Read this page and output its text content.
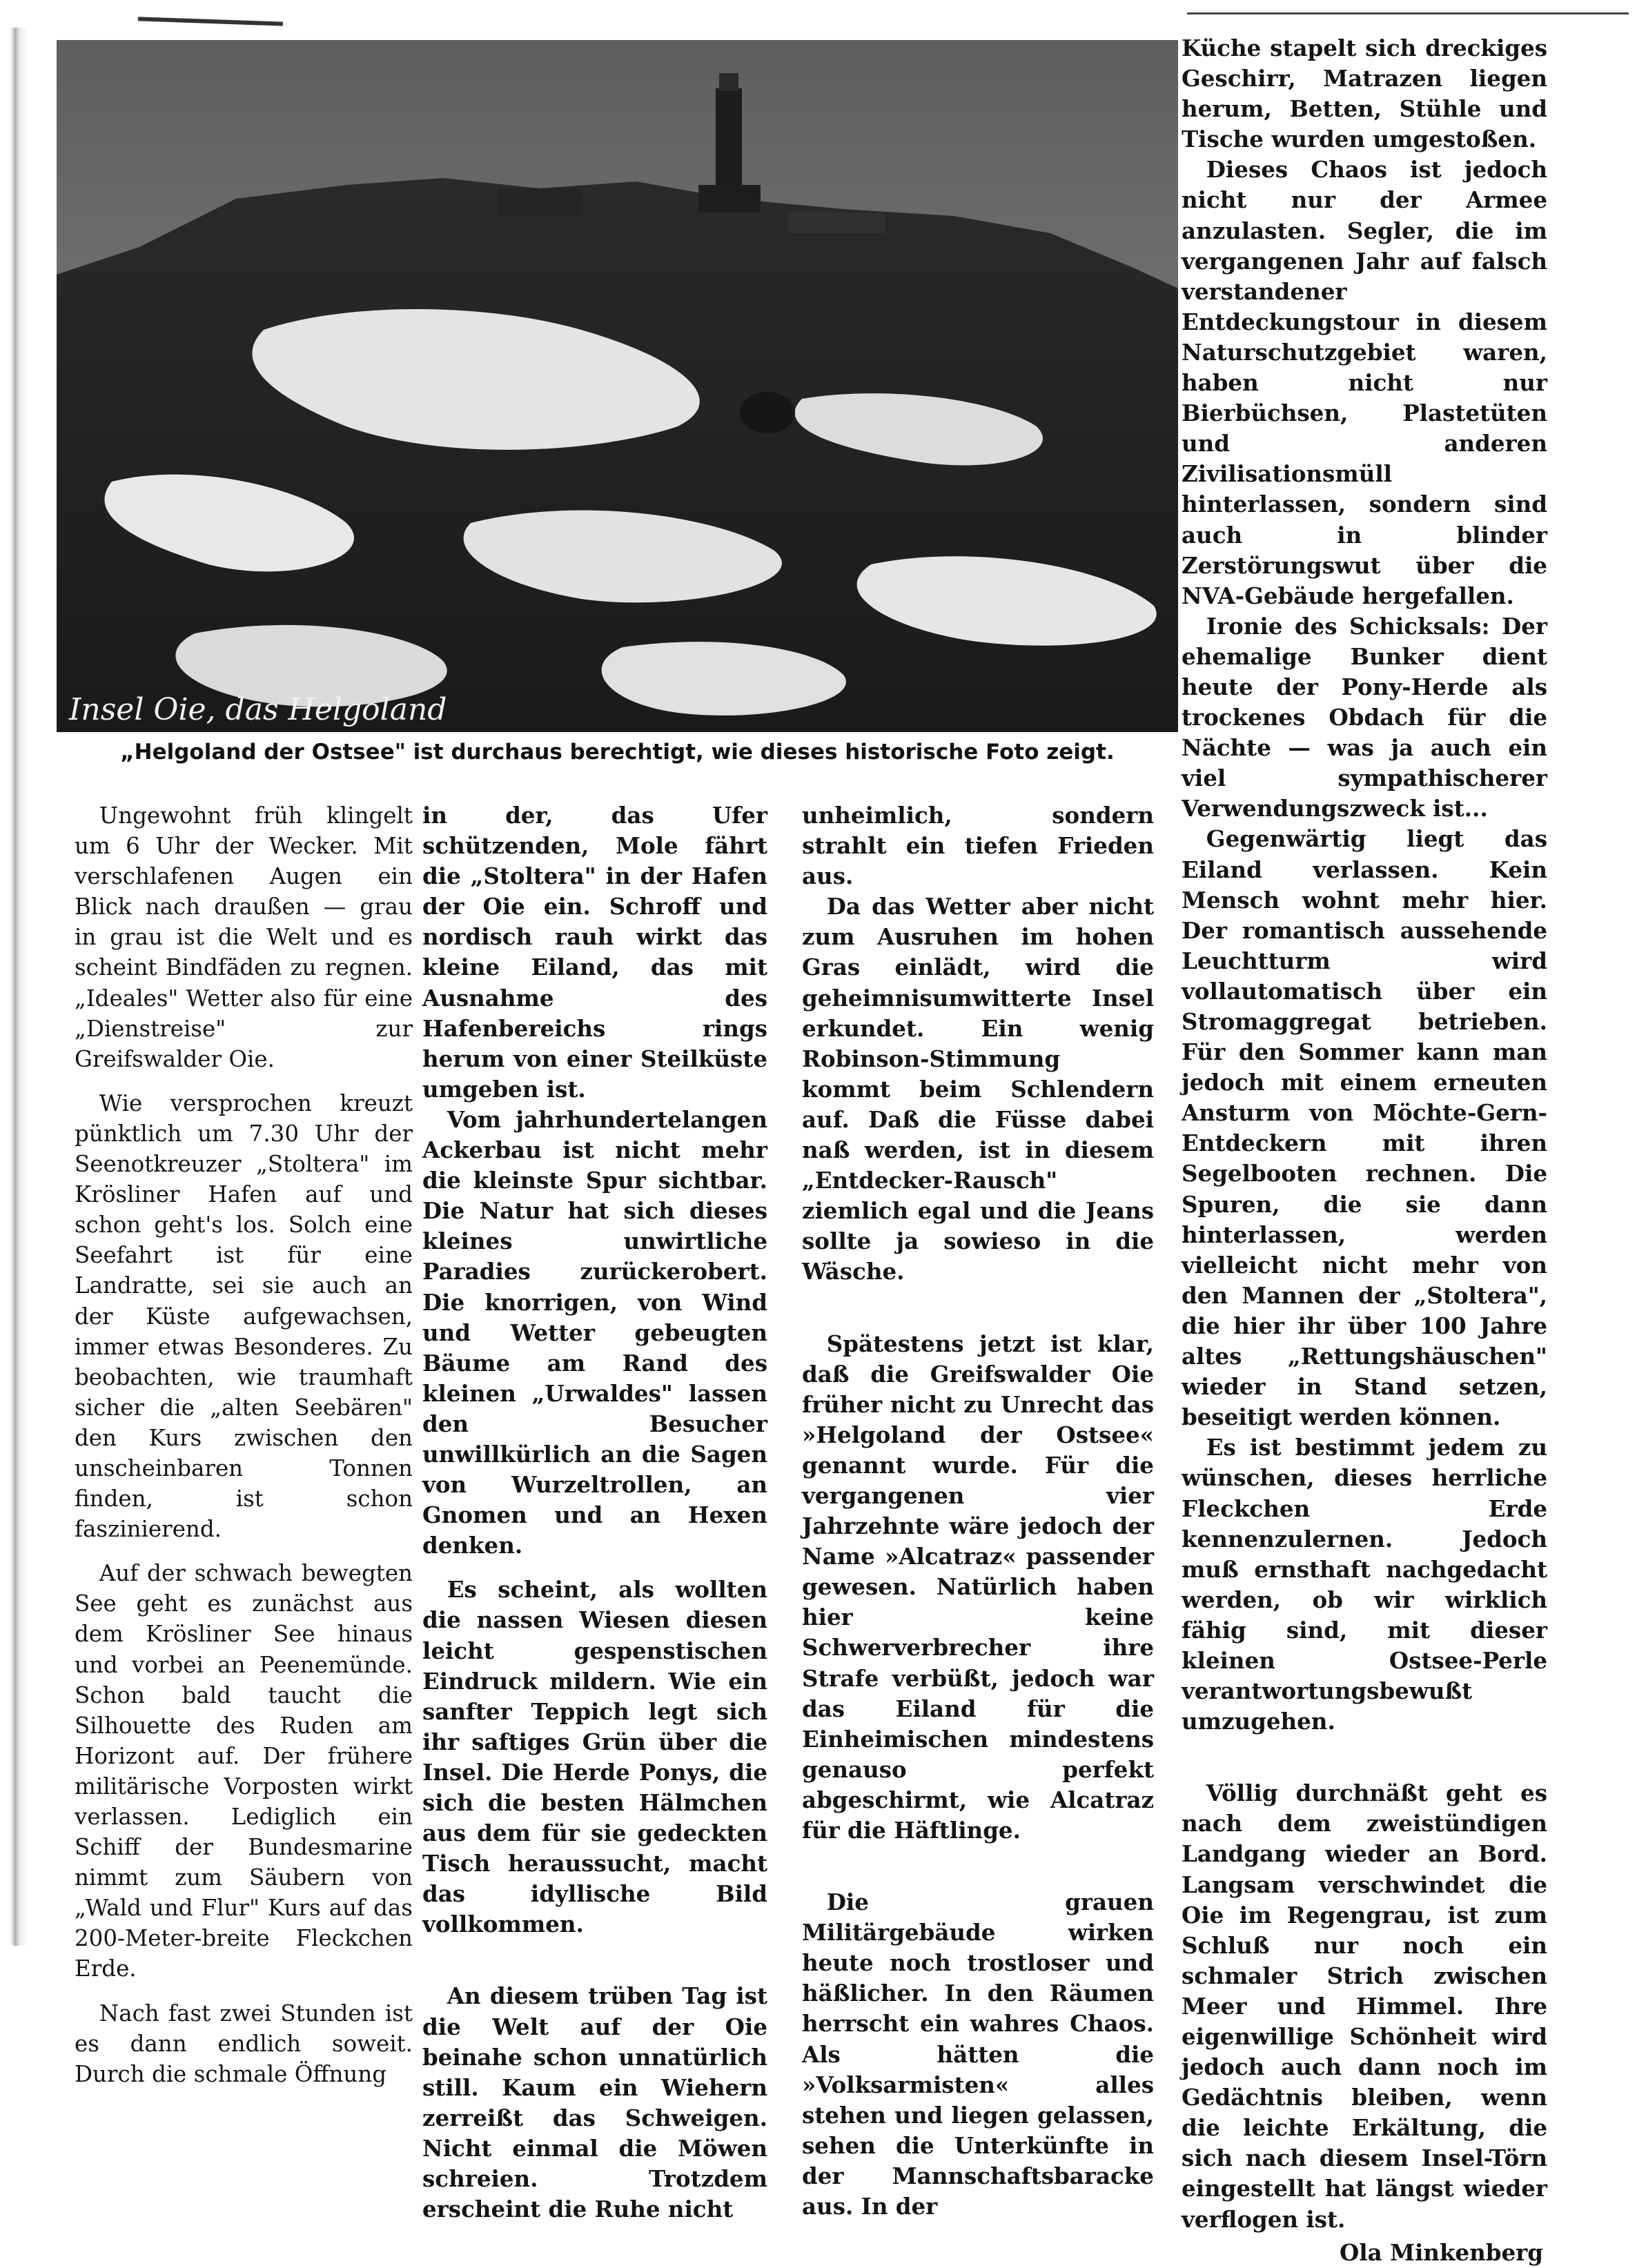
Insel Oie, das Helgoland
„Helgoland der Ostsee" ist durchaus berechtigt, wie dieses historische Foto zeigt.

Ungewohnt früh klingelt um 6 Uhr der Wecker. Mit verschlafenen Augen ein Blick nach draußen — grau in grau ist die Welt und es scheint Bindfäden zu regnen. „Ideales" Wetter also für eine „Dienstreise" zur Greifswalder Oie.

Wie versprochen kreuzt pünktlich um 7.30 Uhr der Seenotkreuzer „Stoltera" im Krösliner Hafen auf und schon geht's los. Solch eine Seefahrt ist für eine Landratte, sei sie auch an der Küste aufgewachsen, immer etwas Besonderes. Zu beobachten, wie traumhaft sicher die „alten Seebären" den Kurs zwischen den unscheinbaren Tonnen finden, ist schon faszinierend.

Auf der schwach bewegten See geht es zunächst aus dem Krösliner See hinaus und vorbei an Peenemünde. Schon bald taucht die Silhouette des Ruden am Horizont auf. Der frühere militärische Vorposten wirkt verlassen. Lediglich ein Schiff der Bundesmarine nimmt zum Säubern von „Wald und Flur" Kurs auf das 200-Meter-breite Fleckchen Erde.

Nach fast zwei Stunden ist es dann endlich soweit. Durch die schmale Öffnung

in der, das Ufer schützenden, Mole fährt die „Stoltera" in der Hafen der Oie ein. Schroff und nordisch rauh wirkt das kleine Eiland, das mit Ausnahme des Hafenbereichs rings herum von einer Steilküste umgeben ist.

Vom jahrhundertelangen Ackerbau ist nicht mehr die kleinste Spur sichtbar. Die Natur hat sich dieses kleines unwirtliche Paradies zurückerobert. Die knorrigen, von Wind und Wetter gebeugten Bäume am Rand des kleinen „Urwaldes" lassen den Besucher unwillkürlich an die Sagen von Wurzeltrollen, an Gnomen und an Hexen denken.

Es scheint, als wollten die nassen Wiesen diesen leicht gespenstischen Eindruck mildern. Wie ein sanfter Teppich legt sich ihr saftiges Grün über die Insel. Die Herde Ponys, die sich die besten Hälmchen aus dem für sie gedeckten Tisch heraussucht, macht das idyllische Bild vollkommen.

An diesem trüben Tag ist die Welt auf der Oie beinahe schon unnatürlich still. Kaum ein Wiehern zerreißt das Schweigen. Nicht einmal die Möwen schreien. Trotzdem erscheint die Ruhe nicht

unheimlich, sondern strahlt ein tiefen Frieden aus.

Da das Wetter aber nicht zum Ausruhen im hohen Gras einlädt, wird die geheimnisumwitterte Insel erkundet. Ein wenig Robinson-Stimmung kommt beim Schlendern auf. Daß die Füsse dabei naß werden, ist in diesem „Entdecker-Rausch" ziemlich egal und die Jeans sollte ja sowieso in die Wäsche.

Spätestens jetzt ist klar, daß die Greifswalder Oie früher nicht zu Unrecht das »Helgoland der Ostsee« genannt wurde. Für die vergangenen vier Jahrzehnte wäre jedoch der Name »Alcatraz« passender gewesen. Natürlich haben hier keine Schwerverbrecher ihre Strafe verbüßt, jedoch war das Eiland für die Einheimischen mindestens genauso perfekt abgeschirmt, wie Alcatraz für die Häftlinge.

Die grauen Militärgebäude wirken heute noch trostloser und häßlicher. In den Räumen herrscht ein wahres Chaos. Als hätten die »Volksarmisten« alles stehen und liegen gelassen, sehen die Unterkünfte in der Mannschaftsbaracke aus. In der

Küche stapelt sich dreckiges Geschirr, Matrazen liegen herum, Betten, Stühle und Tische wurden umgestoßen.

Dieses Chaos ist jedoch nicht nur der Armee anzulasten. Segler, die im vergangenen Jahr auf falsch verstandener Entdeckungstour in diesem Naturschutzgebiet waren, haben nicht nur Bierbüchsen, Plastetüten und anderen Zivilisationsmüll hinterlassen, sondern sind auch in blinder Zerstörungswut über die NVA-Gebäude hergefallen.

Ironie des Schicksals: Der ehemalige Bunker dient heute der Pony-Herde als trockenes Obdach für die Nächte — was ja auch ein viel sympathischerer Verwendungszweck ist...

Gegenwärtig liegt das Eiland verlassen. Kein Mensch wohnt mehr hier. Der romantisch aussehende Leuchtturm wird vollautomatisch über ein Stromaggregat betrieben. Für den Sommer kann man jedoch mit einem erneuten Ansturm von Möchte-Gern-Entdeckern mit ihren Segelbooten rechnen. Die Spuren, die sie dann hinterlassen, werden vielleicht nicht mehr von den Mannen der „Stoltera", die hier ihr über 100 Jahre altes „Rettungshäuschen" wieder in Stand setzen, beseitigt werden können.

Es ist bestimmt jedem zu wünschen, dieses herrliche Fleckchen Erde kennenzulernen. Jedoch muß ernsthaft nachgedacht werden, ob wir wirklich fähig sind, mit dieser kleinen Ostsee-Perle verantwortungsbewußt umzugehen.

Völlig durchnäßt geht es nach dem zweistündigen Landgang wieder an Bord. Langsam verschwindet die Oie im Regengrau, ist zum Schluß nur noch ein schmaler Strich zwischen Meer und Himmel. Ihre eigenwillige Schönheit wird jedoch auch dann noch im Gedächtnis bleiben, wenn die leichte Erkältung, die sich nach diesem Insel-Törn eingestellt hat längst wieder verflogen ist.

Ola Minkenberg
